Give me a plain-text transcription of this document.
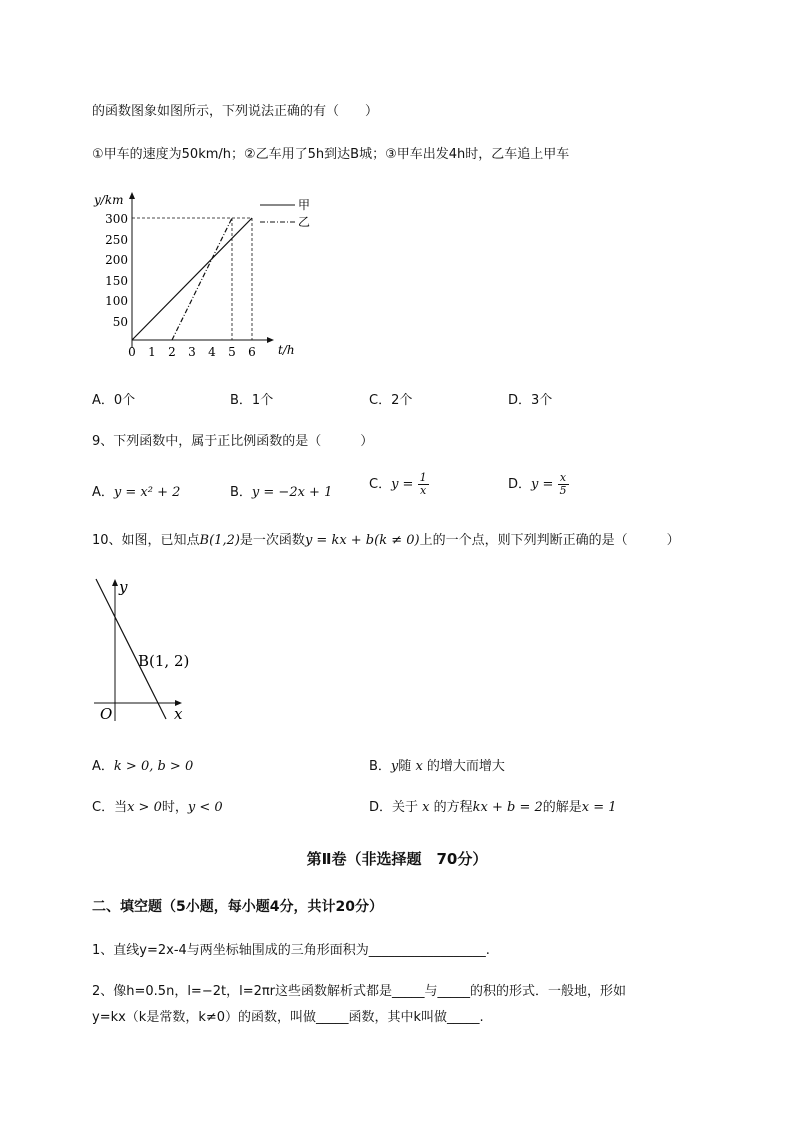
的函数图象如图所示，下列说法正确的有（　　）
①甲车的速度为50km/h；②乙车用了5h到达B城；③甲车出发4h时，乙车追上甲车
y/km
t/h
300
250
200
150
100
50
0 1 2 3 4 5 6
甲
乙
A．0个	B．1个	C．2个	D．3个
9、下列函数中，属于正比例函数的是（　　　）
A．y = x² + 2	B．y = −2x + 1
C．$y = \frac{1}{x}$	D．$y = \frac{x}{5}$
10、如图，已知点B(1,2)是一次函数y = kx + b(k ≠ 0)上的一个点，则下列判断正确的是（　　　）
y
x
O
B(1, 2)
A．k > 0, b > 0	B．y随 x 的增大而增大
C．当x > 0时，y < 0	D．关于 x 的方程kx + b = 2的解是x = 1
第Ⅱ卷（非选择题　70分）
二、填空题（5小题，每小题4分，共计20分）
1、直线y=2x-4与两坐标轴围成的三角形面积为__________________.
2、像h=0.5n，l=−2t，l=2πr这些函数解析式都是_____与_____的积的形式．一般地，形如
y=kx（k是常数，k≠0）的函数，叫做_____函数，其中k叫做_____.
